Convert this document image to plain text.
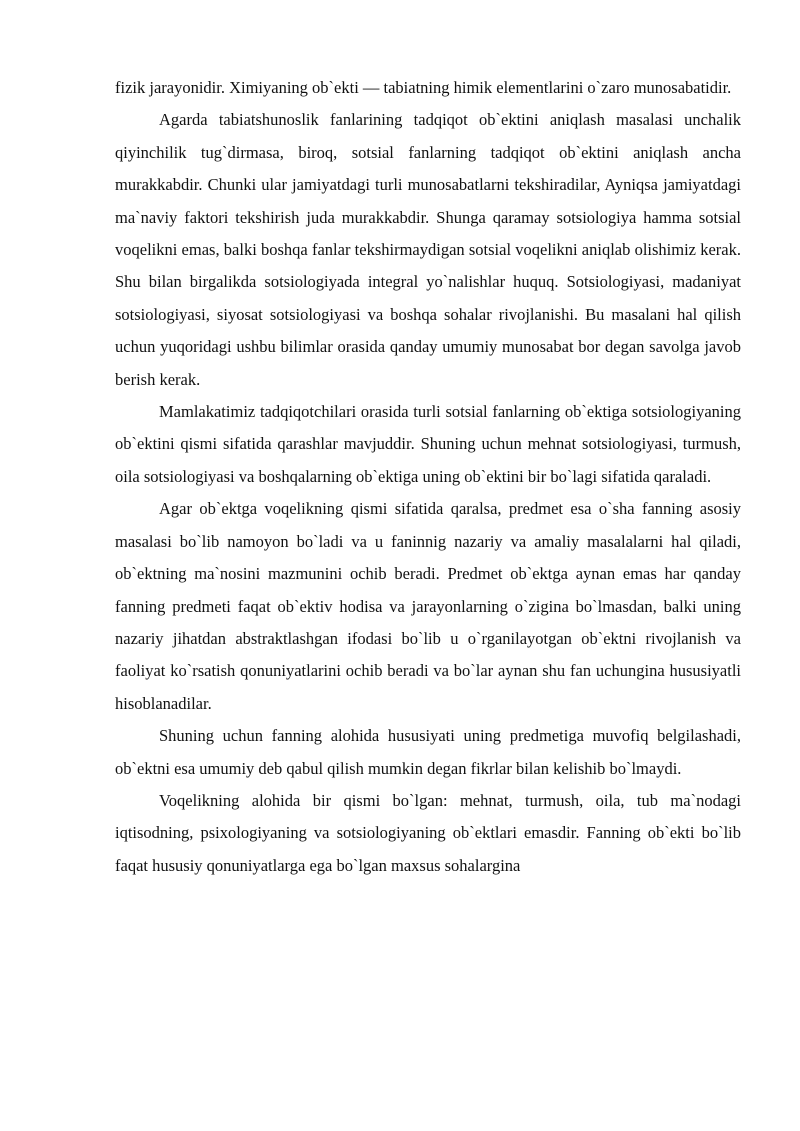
fizik jarayonidir. Ximiyaning ob`ekti — tabiatning himik elementlarini o`zaro munosabatidir.

Agarda tabiatshunoslik fanlarining tadqiqot ob`ektini aniqlash masalasi unchalik qiyinchilik tug`dirmasa, biroq, sotsial fanlarning tadqiqot ob`ektini aniqlash ancha murakkabdir. Chunki ular jamiyatdagi turli munosabatlarni tekshiradilar, Ayniqsa jamiyatdagi ma`naviy faktori tekshirish juda murakkabdir. Shunga qaramay sotsiologiya hamma sotsial voqelikni emas, balki boshqa fanlar tekshirmaydigan sotsial voqelikni aniqlab olishimiz kerak. Shu bilan birgalikda sotsiologiyada integral yo`nalishlar huquq. Sotsiologiyasi, madaniyat sotsiologiyasi, siyosat sotsiologiyasi va boshqa sohalar rivojlanishi. Bu masalani hal qilish uchun yuqoridagi ushbu bilimlar orasida qanday umumiy munosabat bor degan savolga javob berish kerak.

Mamlakatimiz tadqiqotchilari orasida turli sotsial fanlarning ob`ektiga sotsiologiyaning ob`ektini qismi sifatida qarashlar mavjuddir. Shuning uchun mehnat sotsiologiyasi, turmush, oila sotsiologiyasi va boshqalarning ob`ektiga uning ob`ektini bir bo`lagi sifatida qaraladi.

Agar ob`ektga voqelikning qismi sifatida qaralsa, predmet esa o`sha fanning asosiy masalasi bo`lib namoyon bo`ladi va u faninnig nazariy va amaliy masalalarni hal qiladi, ob`ektning ma`nosini mazmunini ochib beradi. Predmet ob`ektga aynan emas har qanday fanning predmeti faqat ob`ektiv hodisa va jarayonlarning o`zigina bo`lmasdan, balki uning nazariy jihatdan abstraktlashgan ifodasi bo`lib u o`rganilayotgan ob`ektni rivojlanish va faoliyat ko`rsatish qonuniyatlarini ochib beradi va bo`lar aynan shu fan uchungina hususiyatli hisoblanadilar.

Shuning uchun fanning alohida hususiyati uning predmetiga muvofiq belgilashadi, ob`ektni esa umumiy deb qabul qilish mumkin degan fikrlar bilan kelishib bo`lmaydi.

Voqelikning alohida bir qismi bo`lgan: mehnat, turmush, oila, tub ma`nodagi iqtisodning, psixologiyaning va sotsiologiyaning ob`ektlari emasdir. Fanning ob`ekti bo`lib faqat hususiy qonuniyatlarga ega bo`lgan maxsus sohalargina
